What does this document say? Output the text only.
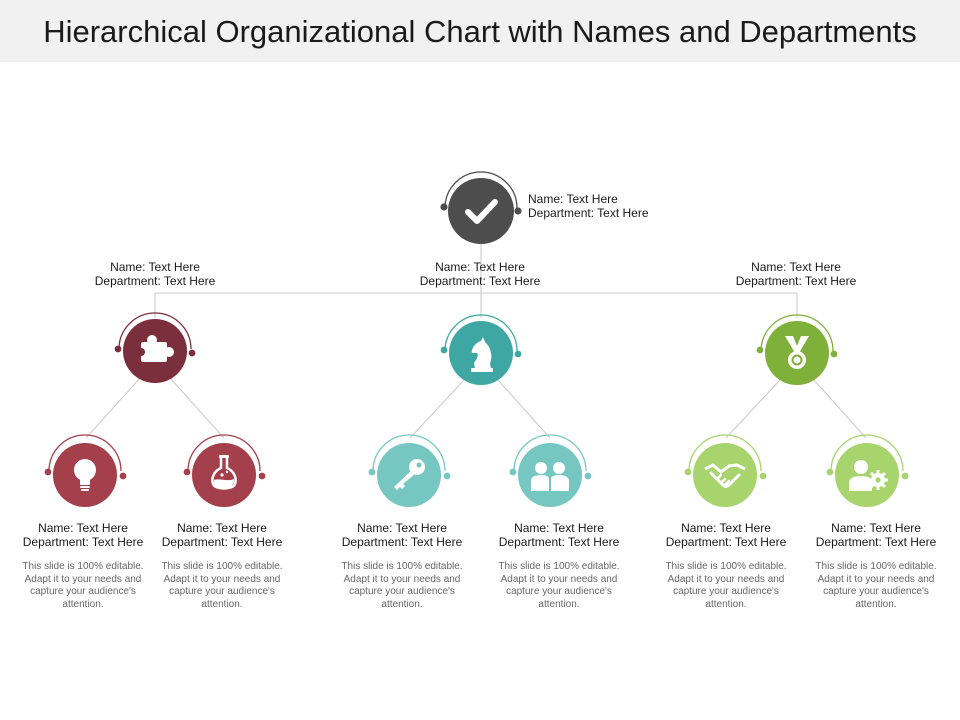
Hierarchical Organizational Chart with Names and Departments
Name: Text Here
Department: Text Here
Name: Text Here
Department: Text Here
Name: Text Here
Department: Text Here
Name: Text Here
Department: Text Here
Name: Text Here
Department: Text Here
This slide is 100% editable. Adapt it to your needs and capture your audience's attention.
Name: Text Here
Department: Text Here
This slide is 100% editable. Adapt it to your needs and capture your audience's attention.
Name: Text Here
Department: Text Here
This slide is 100% editable. Adapt it to your needs and capture your audience's attention.
Name: Text Here
Department: Text Here
This slide is 100% editable. Adapt it to your needs and capture your audience's attention.
Name: Text Here
Department: Text Here
This slide is 100% editable. Adapt it to your needs and capture your audience's attention.
Name: Text Here
Department: Text Here
This slide is 100% editable. Adapt it to your needs and capture your audience's attention.
